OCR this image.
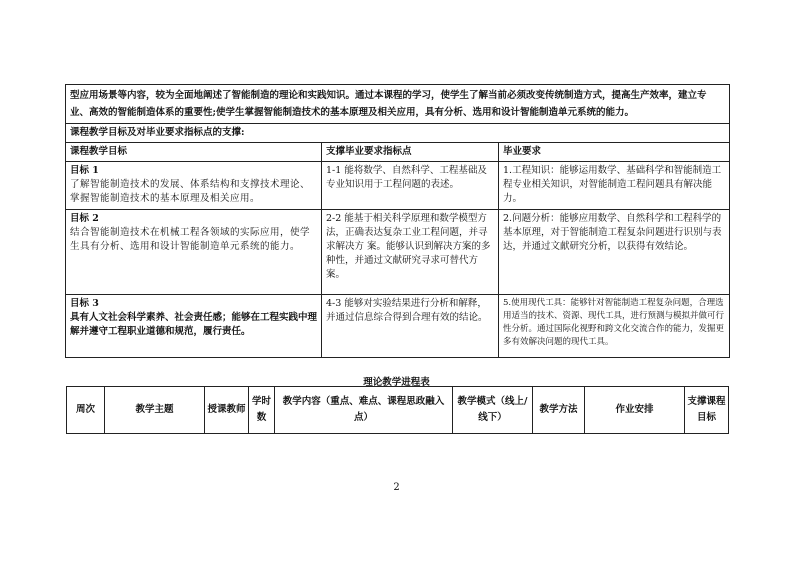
型应用场景等内容，较为全面地阐述了智能制造的理论和实践知识。通过本课程的学习，使学生了解当前必须改变传统制造方式，提高生产效率，建立专业、高效的智能制造体系的重要性;使学生掌握智能制造技术的基本原理及相关应用，具有分析、选用和设计智能制造单元系统的能力。		
课程教学目标及对毕业要求指标点的支撑:		
课程教学目标	支撑毕业要求指标点	毕业要求

目标 1
了解智能制造技术的发展、体系结构和支撑技术理论、掌握智能制造技术的基本原理及相关应用。	1-1 能将数学、自然科学、工程基础及专业知识用于工程问题的表述。	1.工程知识：能够运用数学、基础科学和智能制造工程专业相关知识，对智能制造工程问题具有解决能力。

目标 2
结合智能制造技术在机械工程各领域的实际应用，使学生具有分析、选用和设计智能制造单元系统的能力。	2-2 能基于相关科学原理和数学模型方法，正确表达复杂工业工程问题，并寻求解决方 案。能够认识到解决方案的多种性，并通过文献研究寻求可替代方案。	2.问题分析：能够应用数学、自然科学和工程科学的基本原理，对于智能制造工程复杂问题进行识别与表达，并通过文献研究分析，以获得有效结论。

目标 3
具有人文社会科学素养、社会责任感；能够在工程实践中理解并遵守工程职业道德和规范，履行责任。	4-3 能够对实验结果进行分析和解释，并通过信息综合得到合理有效的结论。	5.使用现代工具：能够针对智能制造工程复杂问题，合理选用适当的技术、资源、现代工具，进行预测与模拟并做可行性分析。通过国际化视野和跨文化交流合作的能力，发掘更多有效解决问题的现代工具。
理论教学进程表
周次	教学主题	授课教师	学时数	教学内容（重点、难点、课程思政融入点）	教学模式（线上/线下）	教学方法	作业安排	支撑课程目标
2
